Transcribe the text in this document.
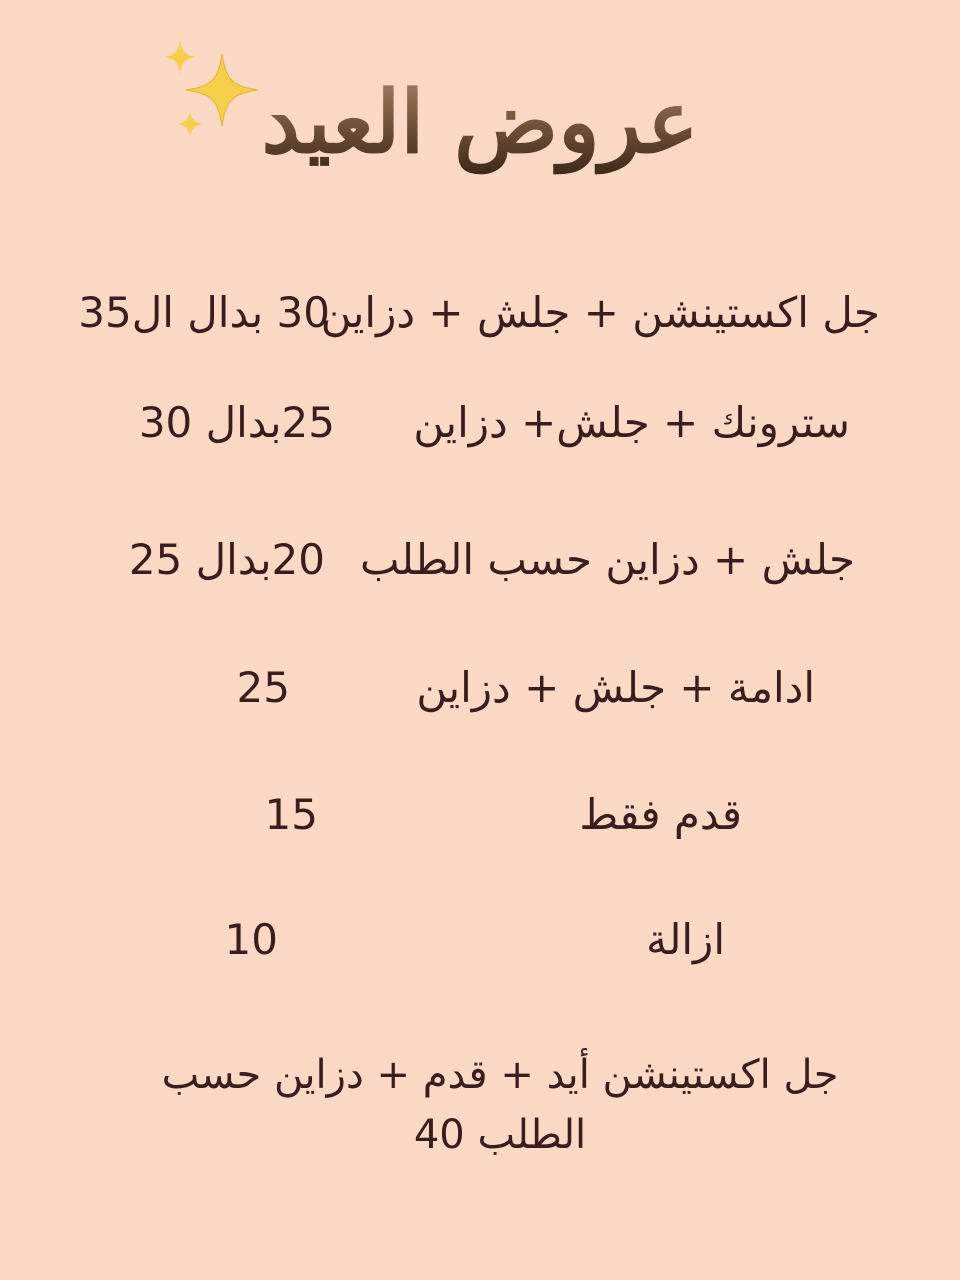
عروض العيد
جل اكستينشن + جلش + دزاين
30 بدال ال35
سترونك + جلش+ دزاين
25بدال 30
جلش + دزاين حسب الطلب
20بدال 25
ادامة + جلش + دزاين
25
قدم فقط
15
ازالة
10
جل اكستينشن أيد + قدم + دزاين حسب
الطلب 40
